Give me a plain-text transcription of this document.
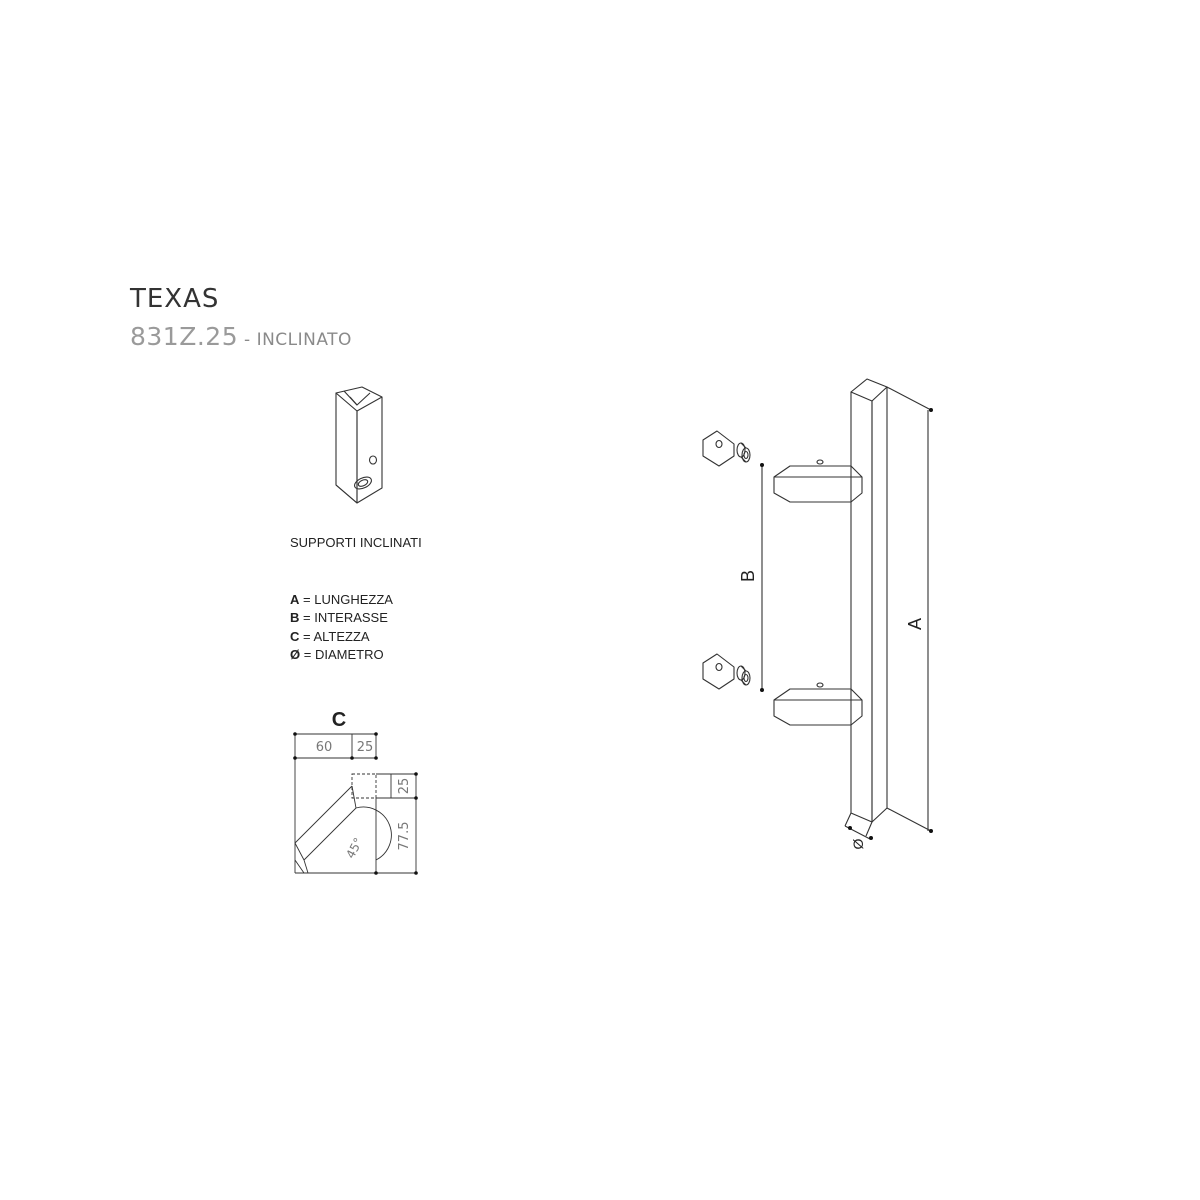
TEXAS
831Z.25 - INCLINATO
SUPPORTI INCLINATI
A = LUNGHEZZA
B = INTERASSE
C = ALTEZZA
Ø = DIAMETRO
C
60 25
25
77.5
45°
A
B
Ø
